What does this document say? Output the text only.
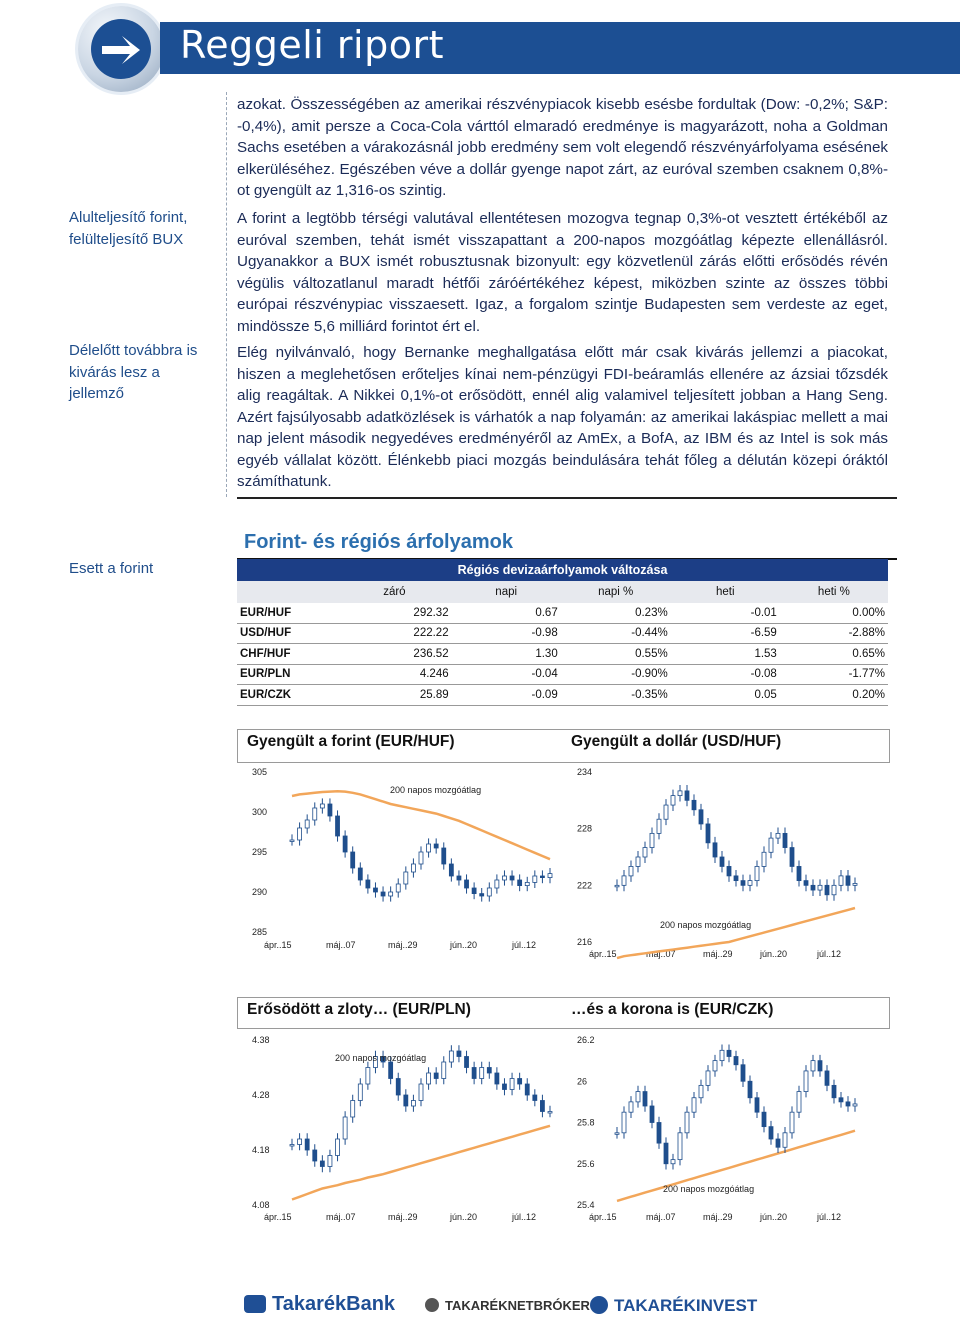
Reggeli riport
Alulteljesítő forint, felülteljesítő BUX
Délelőtt továbbra is kivárás lesz a jellemző

azokat. Összességében az amerikai részvénypiacok kisebb esésbe fordultak (Dow: -0,2%; S&P: -0,4%), amit persze a Coca-Cola várttól elmaradó eredménye is magyarázott, noha a Goldman Sachs esetében a várakozásnál jobb eredmény sem volt elegendő részvényárfolyama esésének elkerüléséhez. Egészében véve a dollár gyenge napot zárt, az euróval szemben csaknem 0,8%-ot gyengült az 1,316-os szintig.

A forint a legtöbb térségi valutával ellentétesen mozogva tegnap 0,3%-ot vesztett értékéből az euróval szemben, tehát ismét visszapattant a 200-napos mozgóátlag képezte ellenállásról. Ugyanakkor a BUX ismét robusztusnak bizonyult: egy közvetlenül zárás előtti erősödés révén végülis változatlanul maradt hétfői záróértékéhez képest, miközben szinte az összes többi európai részvénypiac visszaesett. Igaz, a forgalom szintje Budapesten sem verdeste az eget, mindössze 5,6 milliárd forintot ért el.

Elég nyilvánvaló, hogy Bernanke meghallgatása előtt már csak kivárás jellemzi a piacokat, hiszen a meglehetősen erőteljes kínai nem-pénzügyi FDI-beáramlás ellenére az ázsiai tőzsdék alig reagáltak. A Nikkei 0,1%-ot erősödött, ennél alig valamivel teljesített jobban a Hang Seng. Azért fajsúlyosabb adatközlések is várhatók a nap folyamán: az amerikai lakáspiac mellett a mai nap jelent második negyedéves eredményéről az AmEx, a BofA, az IBM és az Intel is sok más egyéb vállalat között. Élénkebb piaci mozgás beindulására tehát főleg a délután közepi óráktól számíthatunk.

Forint- és régiós árfolyamok
Esett a forint	Régiós devizaárfolyamok változása					
	záró	napi	napi %	heti	heti %
EUR/HUF	292.32	0.67	0.23%	-0.01	0.00%
USD/HUF	222.22	-0.98	-0.44%	-6.59	-2.88%
CHF/HUF	236.52	1.30	0.55%	1.53	0.65%
EUR/PLN	4.246	-0.04	-0.90%	-0.08	-1.77%
EUR/CZK	25.89	-0.09	-0.35%	0.05	0.20%
Gyengült a forint (EUR/HUF)	Gyengült a dollár (USD/HUF)
305
300
295
290
285
ápr..15	máj..07	máj..29	jún..20	júl..12
200 napos mozgóátlag
234
228
222
216
ápr..15	máj..07	máj..29	jún..20	júl..12
200 napos mozgóátlag
Erősödött a zloty… (EUR/PLN)	…és a korona is (EUR/CZK)
4.38
4.28
4.18
4.08
ápr..15	máj..07	máj..29	jún..20	júl..12
200 napos mozgóátlag
26.2
26
25.8
25.6
25.4
ápr..15	máj..07	máj..29	jún..20	júl..12
200 napos mozgóátlag
TakarékBank	TAKARÉKNETBRÓKER	TAKARÉKINVEST
